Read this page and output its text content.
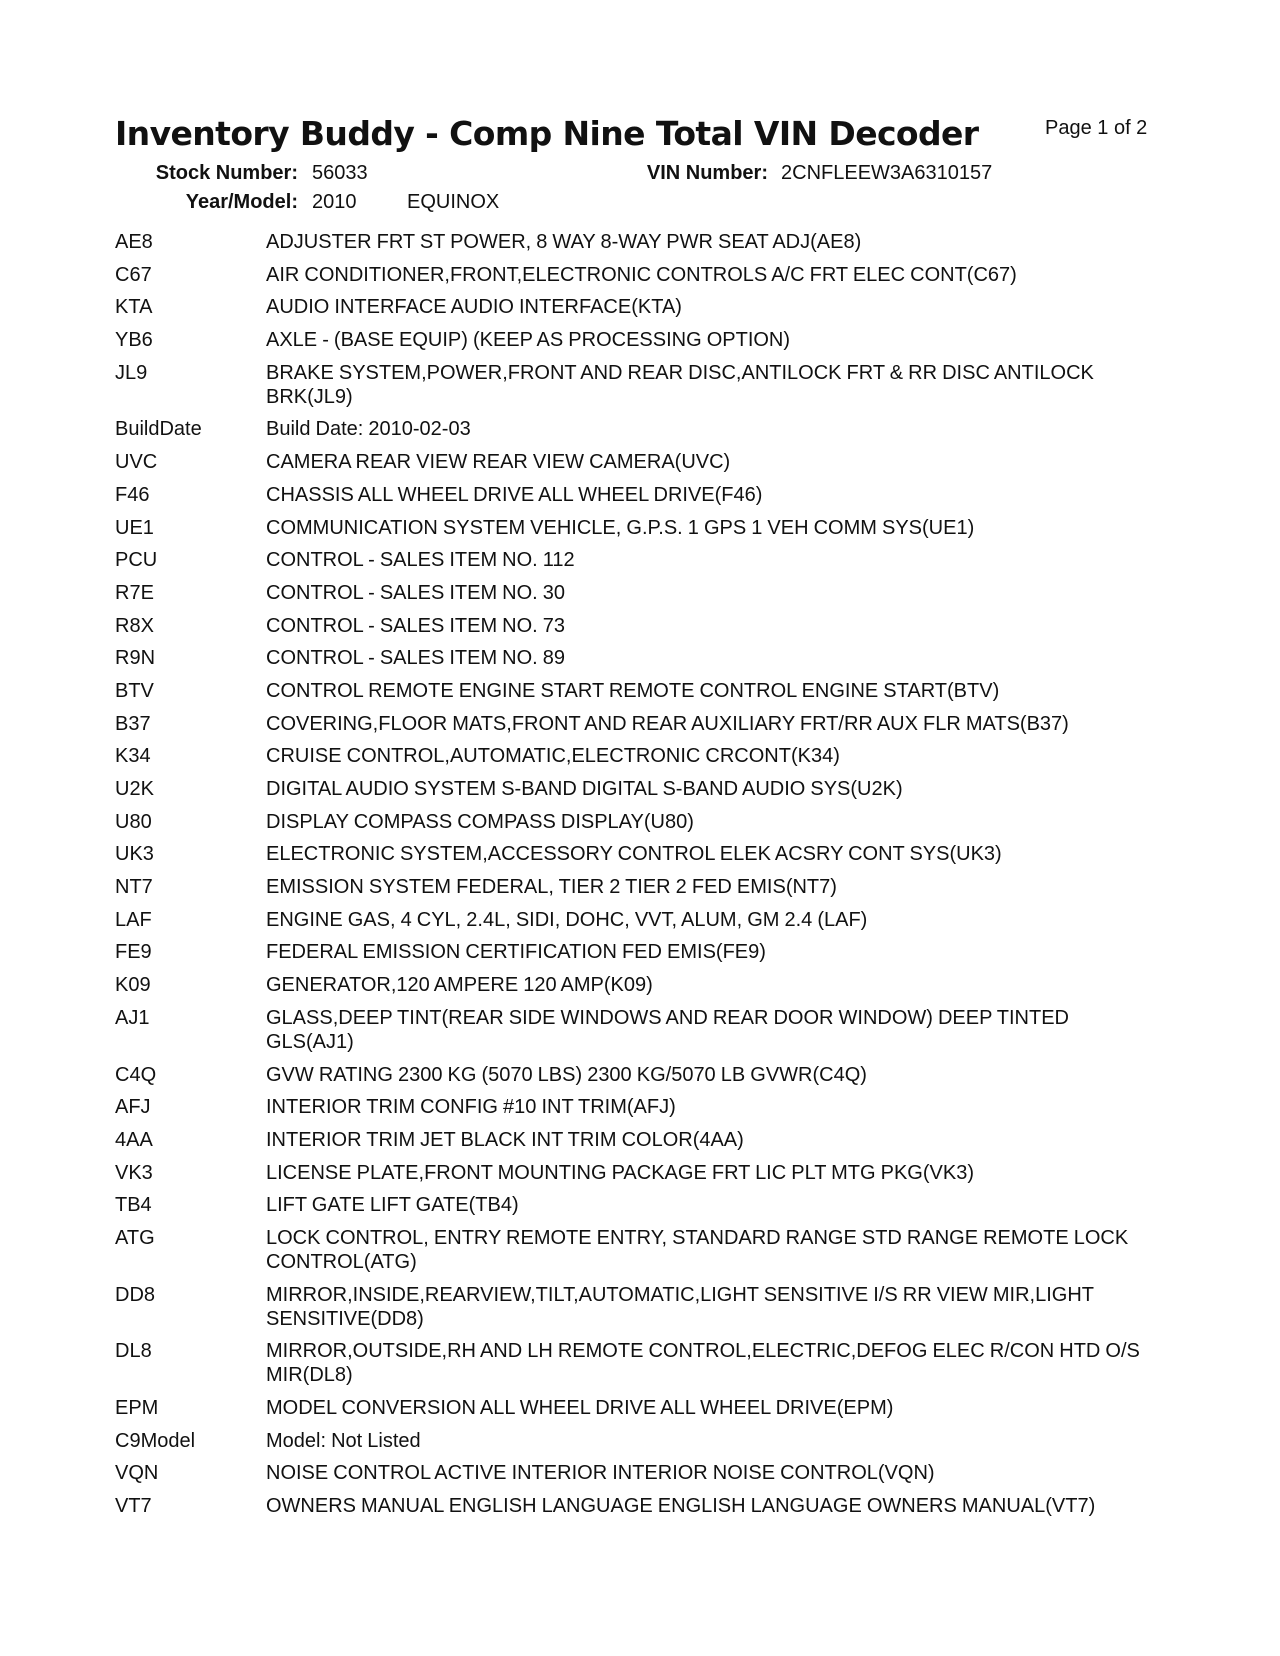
Inventory Buddy - Comp Nine Total VIN Decoder	Page 1 of 2
Stock Number: 56033	VIN Number: 2CNFLEEW3A6310157
Year/Model: 2010	EQUINOX
AE8	ADJUSTER FRT ST POWER, 8 WAY 8-WAY PWR SEAT ADJ(AE8)
C67	AIR CONDITIONER,FRONT,ELECTRONIC CONTROLS A/C FRT ELEC CONT(C67)
KTA	AUDIO INTERFACE AUDIO INTERFACE(KTA)
YB6	AXLE - (BASE EQUIP) (KEEP AS PROCESSING OPTION)
JL9	BRAKE SYSTEM,POWER,FRONT AND REAR DISC,ANTILOCK FRT & RR DISC ANTILOCK BRK(JL9)
BuildDate	Build Date: 2010-02-03
UVC	CAMERA REAR VIEW REAR VIEW CAMERA(UVC)
F46	CHASSIS ALL WHEEL DRIVE ALL WHEEL DRIVE(F46)
UE1	COMMUNICATION SYSTEM VEHICLE, G.P.S. 1 GPS 1 VEH COMM SYS(UE1)
PCU	CONTROL - SALES ITEM NO. 112
R7E	CONTROL - SALES ITEM NO. 30
R8X	CONTROL - SALES ITEM NO. 73
R9N	CONTROL - SALES ITEM NO. 89
BTV	CONTROL REMOTE ENGINE START REMOTE CONTROL ENGINE START(BTV)
B37	COVERING,FLOOR MATS,FRONT AND REAR AUXILIARY FRT/RR AUX FLR MATS(B37)
K34	CRUISE CONTROL,AUTOMATIC,ELECTRONIC CRCONT(K34)
U2K	DIGITAL AUDIO SYSTEM S-BAND DIGITAL S-BAND AUDIO SYS(U2K)
U80	DISPLAY COMPASS COMPASS DISPLAY(U80)
UK3	ELECTRONIC SYSTEM,ACCESSORY CONTROL ELEK ACSRY CONT SYS(UK3)
NT7	EMISSION SYSTEM FEDERAL, TIER 2 TIER 2 FED EMIS(NT7)
LAF	ENGINE GAS, 4 CYL, 2.4L, SIDI, DOHC, VVT, ALUM, GM 2.4 (LAF)
FE9	FEDERAL EMISSION CERTIFICATION FED EMIS(FE9)
K09	GENERATOR,120 AMPERE 120 AMP(K09)
AJ1	GLASS,DEEP TINT(REAR SIDE WINDOWS AND REAR DOOR WINDOW) DEEP TINTED GLS(AJ1)
C4Q	GVW RATING 2300 KG (5070 LBS) 2300 KG/5070 LB GVWR(C4Q)
AFJ	INTERIOR TRIM CONFIG #10 INT TRIM(AFJ)
4AA	INTERIOR TRIM JET BLACK INT TRIM COLOR(4AA)
VK3	LICENSE PLATE,FRONT MOUNTING PACKAGE FRT LIC PLT MTG PKG(VK3)
TB4	LIFT GATE LIFT GATE(TB4)
ATG	LOCK CONTROL, ENTRY REMOTE ENTRY, STANDARD RANGE STD RANGE REMOTE LOCK CONTROL(ATG)
DD8	MIRROR,INSIDE,REARVIEW,TILT,AUTOMATIC,LIGHT SENSITIVE I/S RR VIEW MIR,LIGHT SENSITIVE(DD8)
DL8	MIRROR,OUTSIDE,RH AND LH REMOTE CONTROL,ELECTRIC,DEFOG ELEC R/CON HTD O/S MIR(DL8)
EPM	MODEL CONVERSION ALL WHEEL DRIVE ALL WHEEL DRIVE(EPM)
C9Model	Model: Not Listed
VQN	NOISE CONTROL ACTIVE INTERIOR INTERIOR NOISE CONTROL(VQN)
VT7	OWNERS MANUAL ENGLISH LANGUAGE ENGLISH LANGUAGE OWNERS MANUAL(VT7)
